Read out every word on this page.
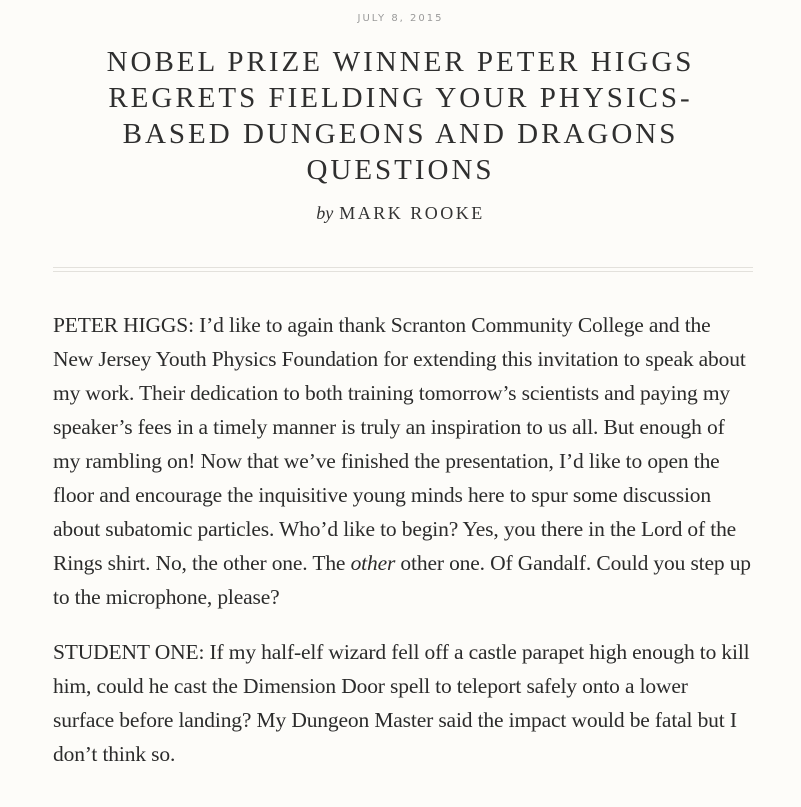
JULY 8, 2015
NOBEL PRIZE WINNER PETER HIGGS REGRETS FIELDING YOUR PHYSICS-BASED DUNGEONS AND DRAGONS QUESTIONS
by MARK ROOKE

PETER HIGGS: I’d like to again thank Scranton Community College and the New Jersey Youth Physics Foundation for extending this invitation to speak about my work. Their dedication to both training tomorrow’s scientists and paying my speaker’s fees in a timely manner is truly an inspiration to us all. But enough of my rambling on! Now that we’ve finished the presentation, I’d like to open the floor and encourage the inquisitive young minds here to spur some discussion about subatomic particles. Who’d like to begin? Yes, you there in the Lord of the Rings shirt. No, the other one. The other other one. Of Gandalf. Could you step up to the microphone, please?

STUDENT ONE: If my half-elf wizard fell off a castle parapet high enough to kill him, could he cast the Dimension Door spell to teleport safely onto a lower surface before landing? My Dungeon Master said the impact would be fatal but I don’t think so.
